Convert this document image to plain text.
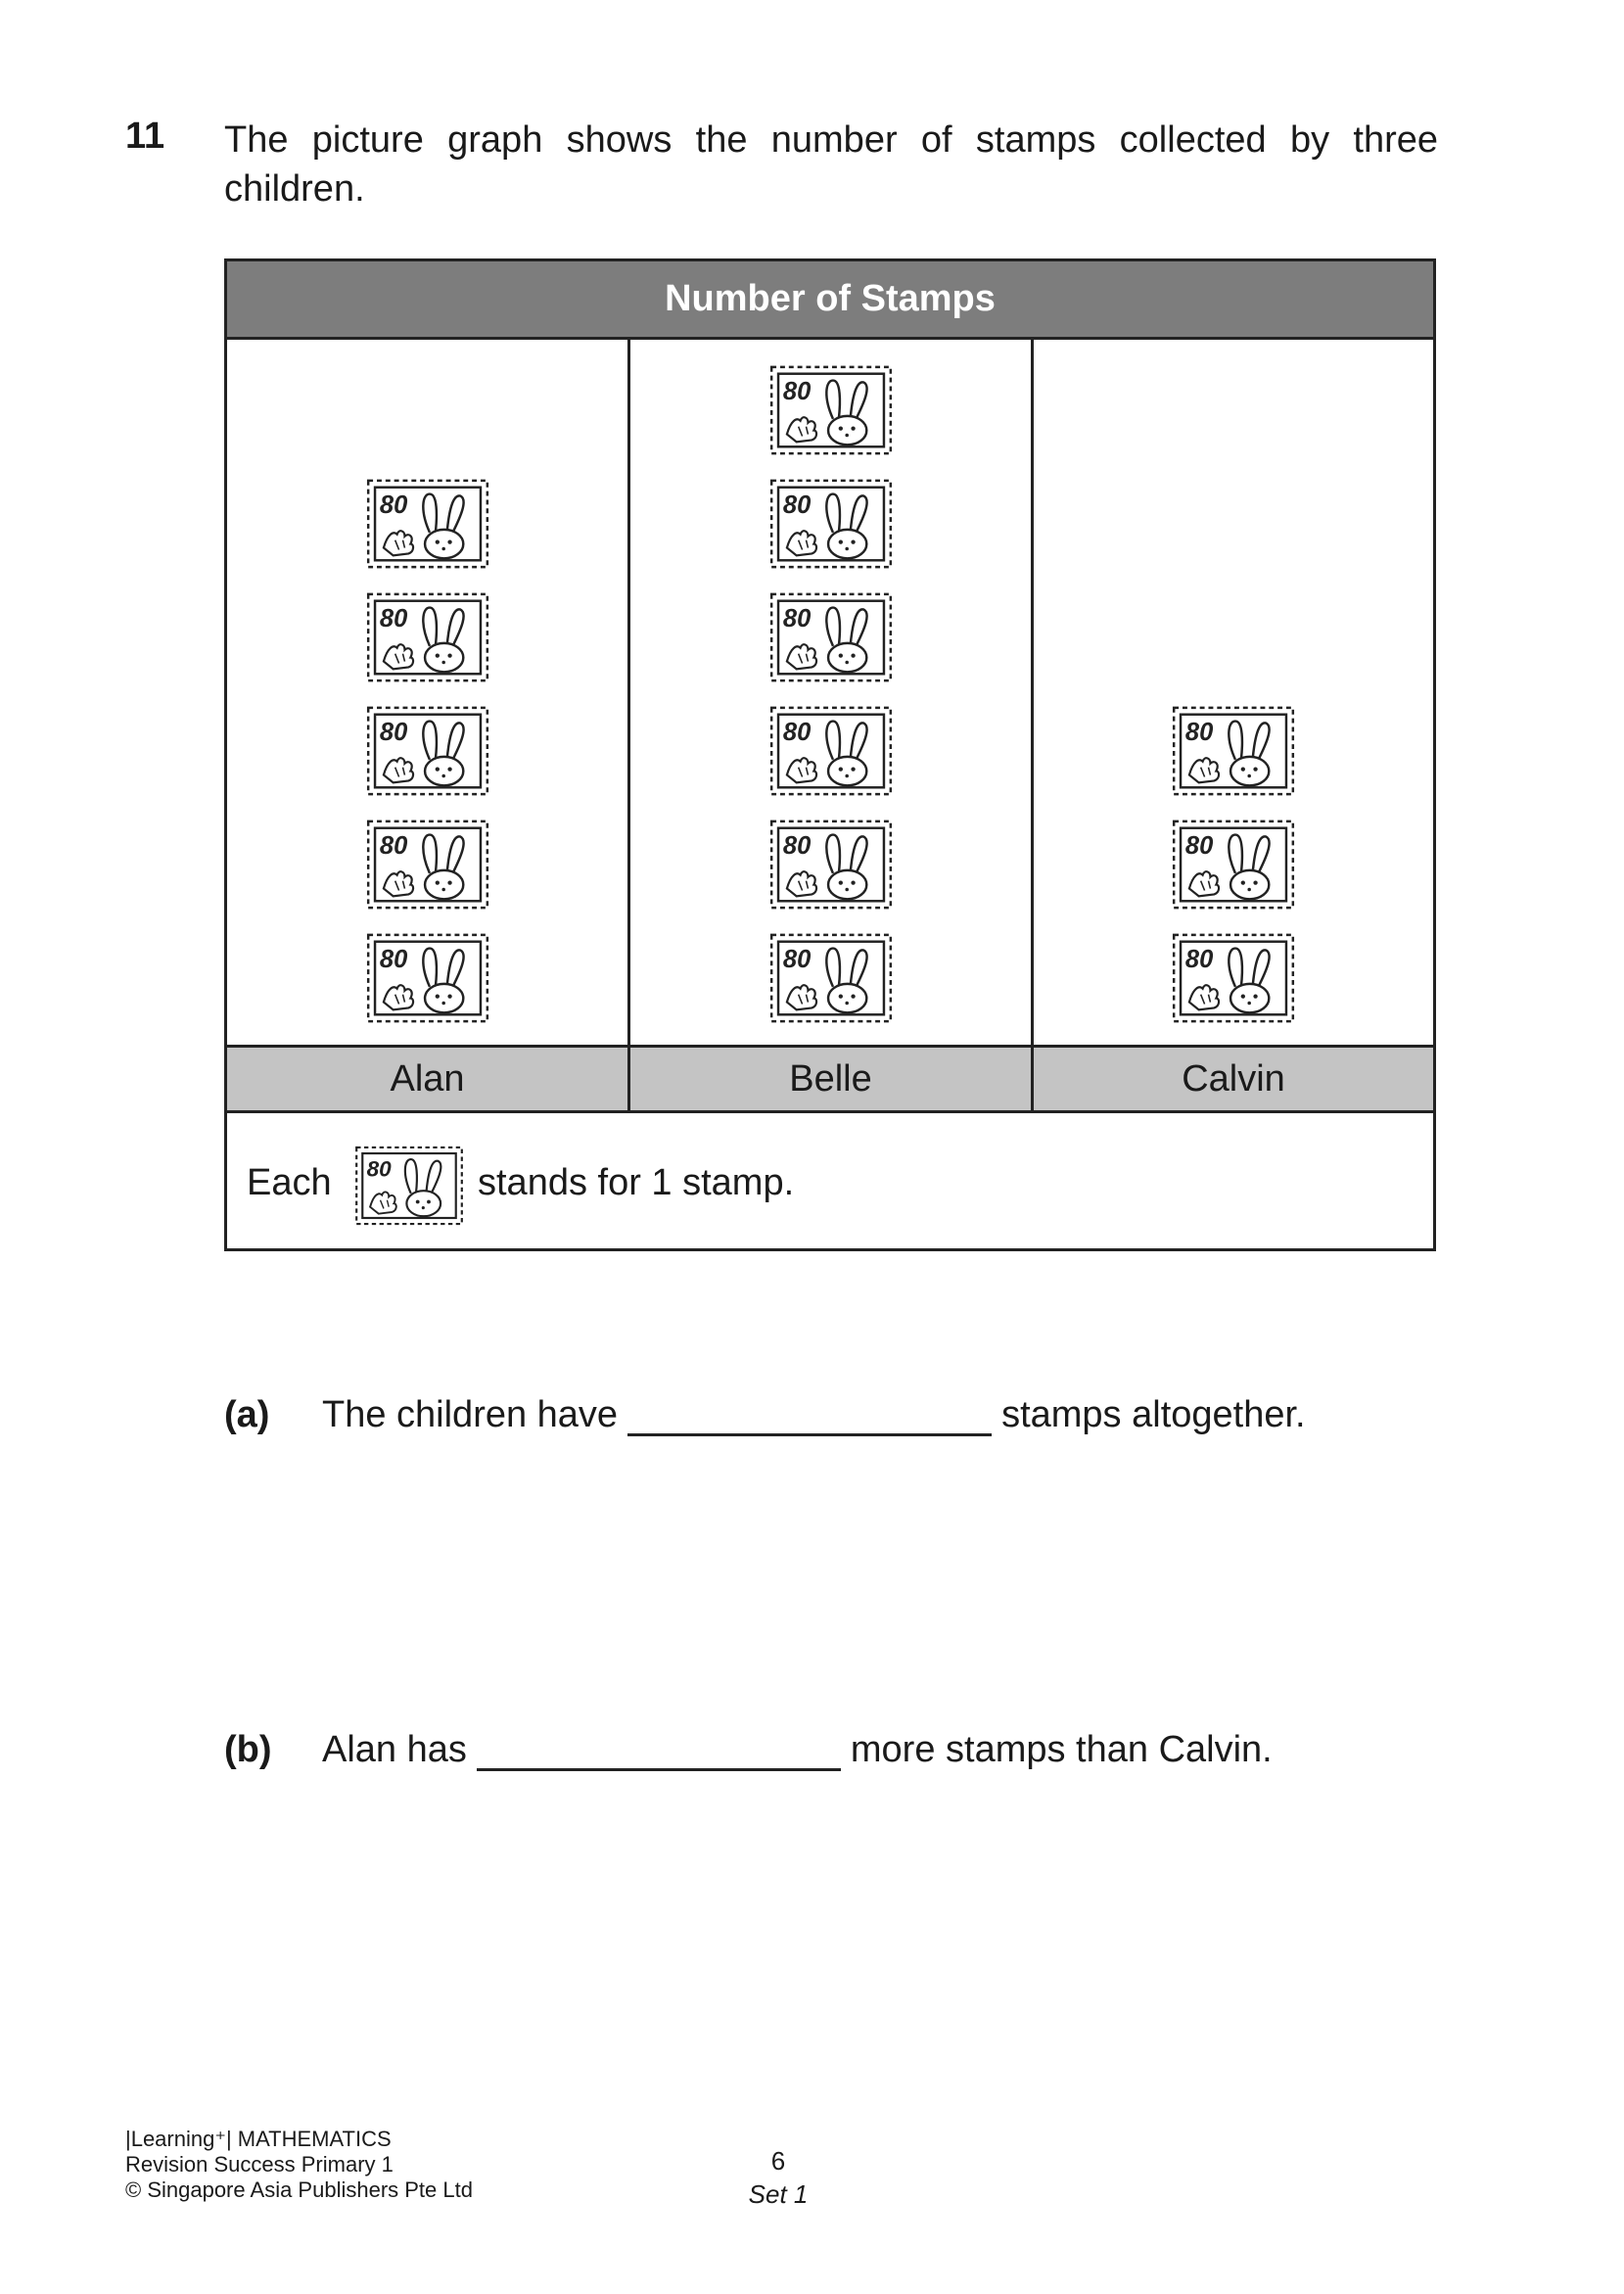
11 The picture graph shows the number of stamps collected by three children.
Number of Stamps
Alan	Belle	Calvin
Each	stands for 1 stamp.
(a) The children have	stamps altogether.
(b) Alan has	more stamps than Calvin.
|Learning⁺| MATHEMATICS
Revision Success Primary 1
© Singapore Asia Publishers Pte Ltd
6
Set 1
